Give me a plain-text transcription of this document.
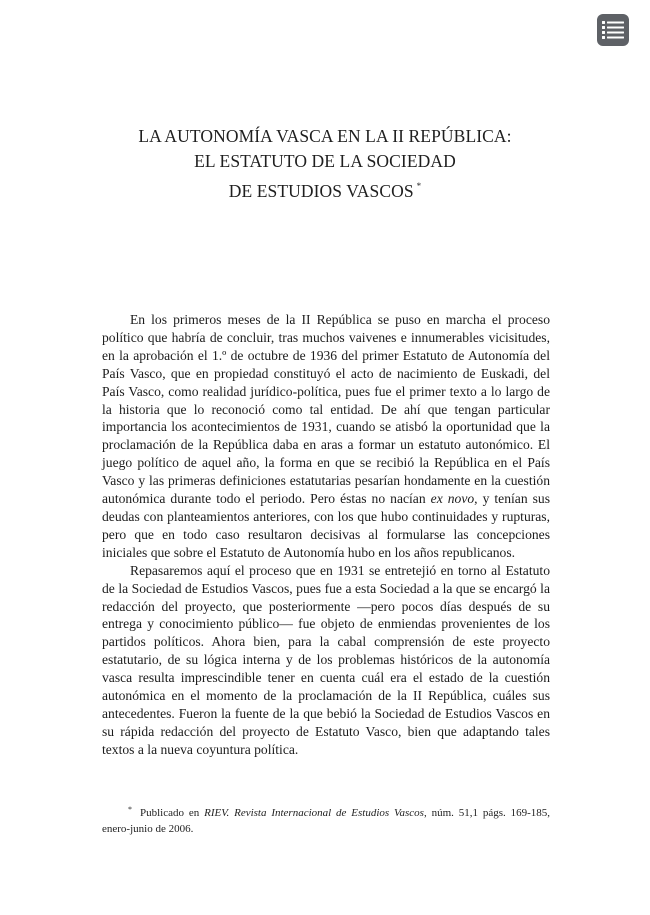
LA AUTONOMÍA VASCA EN LA II REPÚBLICA:
EL ESTATUTO DE LA SOCIEDAD
DE ESTUDIOS VASCOS *

En los primeros meses de la II República se puso en marcha el proceso político que habría de concluir, tras muchos vaivenes e innumerables vicisitudes, en la aprobación el 1.º de octubre de 1936 del primer Estatuto de Autonomía del País Vasco, que en propiedad constituyó el acto de nacimiento de Euskadi, del País Vasco, como realidad jurídico-política, pues fue el primer texto a lo largo de la historia que lo reconoció como tal entidad. De ahí que tengan particular importancia los acontecimientos de 1931, cuando se atisbó la oportunidad que la proclamación de la República daba en aras a formar un estatuto autonómico. El juego político de aquel año, la forma en que se recibió la República en el País Vasco y las primeras definiciones estatutarias pesarían hondamente en la cuestión autonómica durante todo el periodo. Pero éstas no nacían ex novo, y tenían sus deudas con planteamientos anteriores, con los que hubo continuidades y rupturas, pero que en todo caso resultaron decisivas al formularse las concepciones iniciales que sobre el Estatuto de Autonomía hubo en los años republicanos.

Repasaremos aquí el proceso que en 1931 se entretejió en torno al Estatuto de la Sociedad de Estudios Vascos, pues fue a esta Sociedad a la que se encargó la redacción del proyecto, que posteriormente —pero pocos días después de su entrega y conocimiento público— fue objeto de enmiendas provenientes de los partidos políticos. Ahora bien, para la cabal comprensión de este proyecto estatutario, de su lógica interna y de los problemas históricos de la autonomía vasca resulta imprescindible tener en cuenta cuál era el estado de la cuestión autonómica en el momento de la proclamación de la II República, cuáles sus antecedentes. Fueron la fuente de la que bebió la Sociedad de Estudios Vascos en su rápida redacción del proyecto de Estatuto Vasco, bien que adaptando tales textos a la nueva coyuntura política.

* Publicado en RIEV. Revista Internacional de Estudios Vascos, núm. 51,1 págs. 169-185, enero-junio de 2006.
